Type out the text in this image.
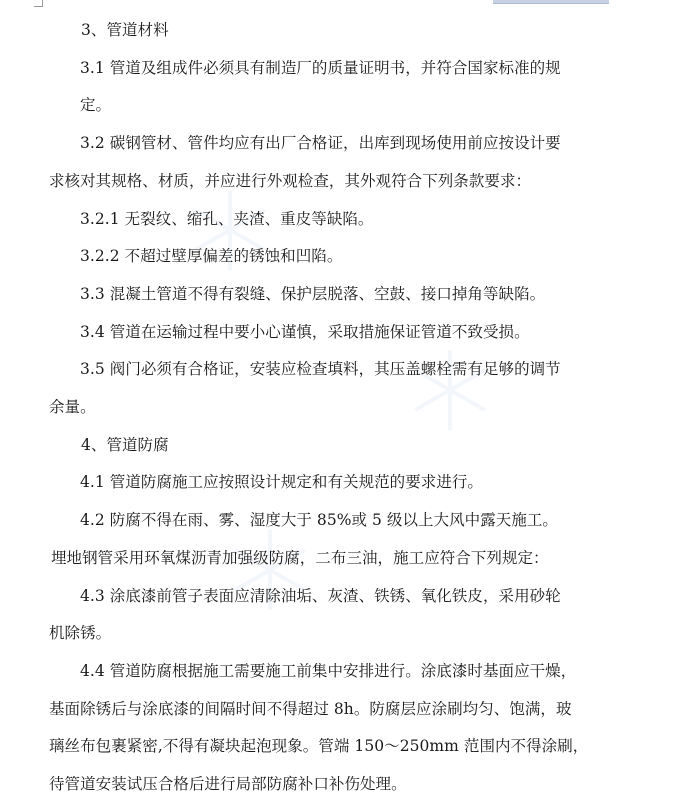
3、管道材料

3.1 管道及组成件必须具有制造厂的质量证明书，并符合国家标准的规

定。

3.2 碳钢管材、管件均应有出厂合格证，出库到现场使用前应按设计要

求核对其规格、材质，并应进行外观检查，其外观符合下列条款要求：

3.2.1 无裂纹、缩孔、夹渣、重皮等缺陷。

3.2.2 不超过壁厚偏差的锈蚀和凹陷。

3.3 混凝土管道不得有裂缝、保护层脱落、空鼓、接口掉角等缺陷。

3.4 管道在运输过程中要小心谨慎，采取措施保证管道不致受损。

3.5 阀门必须有合格证，安装应检查填料，其压盖螺栓需有足够的调节

余量。

4、管道防腐

4.1 管道防腐施工应按照设计规定和有关规范的要求进行。

4.2 防腐不得在雨、雾、湿度大于 85%或 5 级以上大风中露天施工。

埋地钢管采用环氧煤沥青加强级防腐，二布三油，施工应符合下列规定：

4.3 涂底漆前管子表面应清除油垢、灰渣、铁锈、氧化铁皮，采用砂轮

机除锈。

4.4 管道防腐根据施工需要施工前集中安排进行。涂底漆时基面应干燥，

基面除锈后与涂底漆的间隔时间不得超过 8h。防腐层应涂刷均匀、饱满，玻

璃丝布包裹紧密,不得有凝块起泡现象。管端 150～250mm 范围内不得涂刷，

待管道安装试压合格后进行局部防腐补口补伤处理。
